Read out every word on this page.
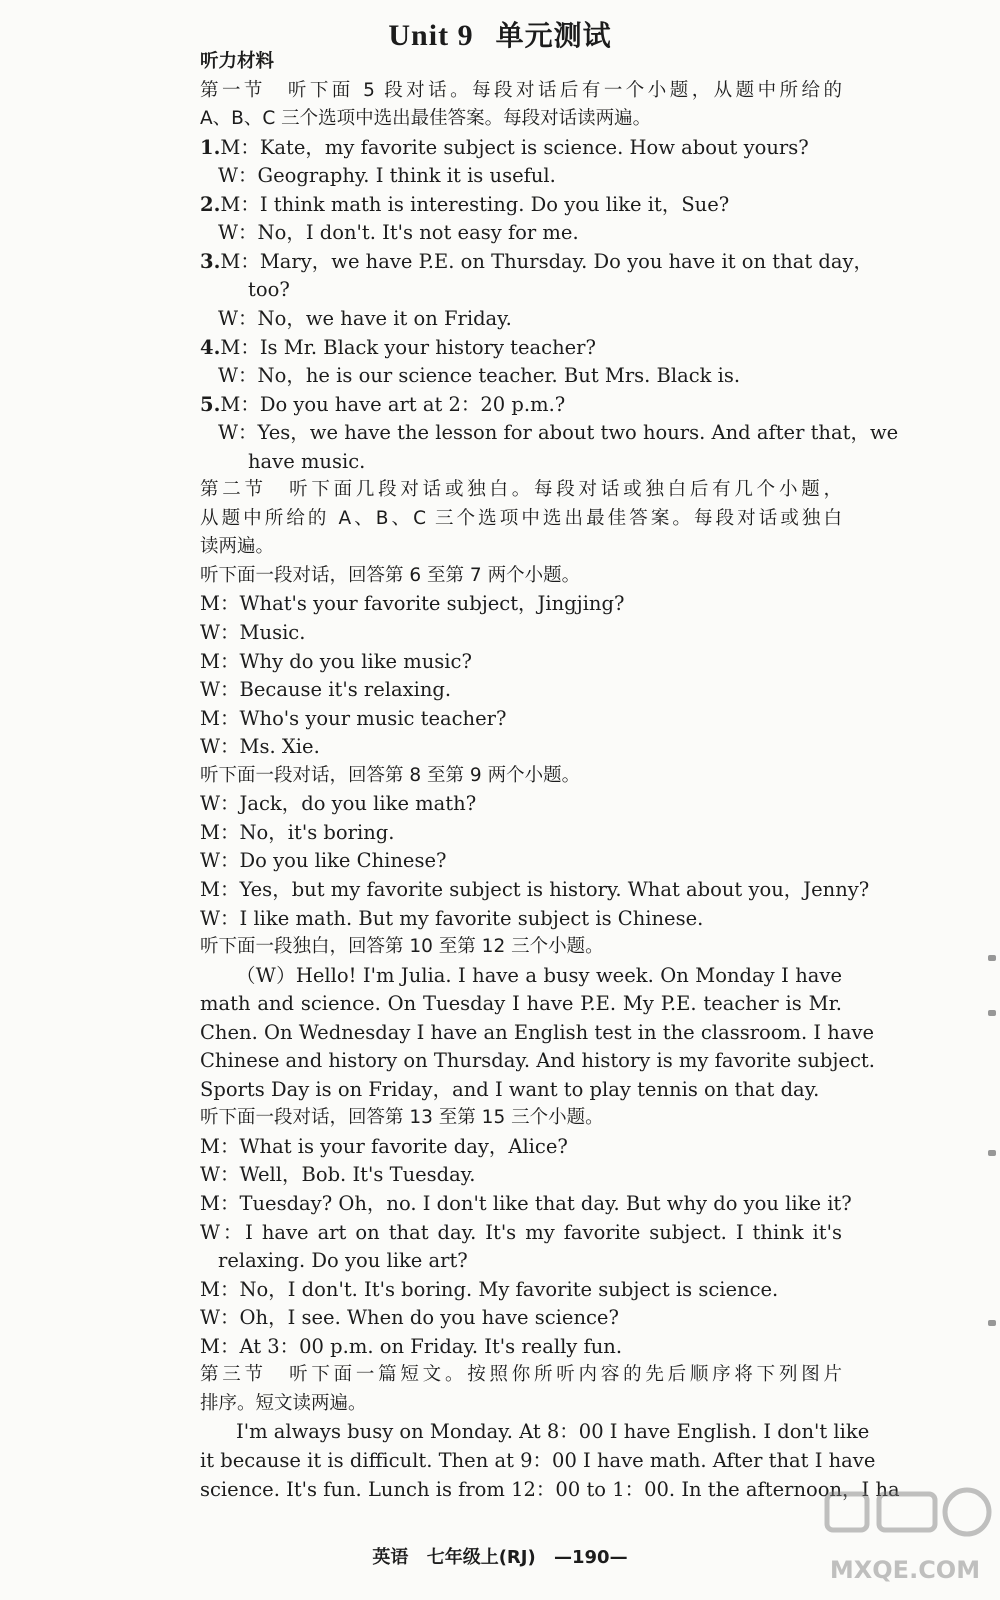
Unit 9 单元测试
听力材料
第一节　听下面 5 段对话。每段对话后有一个小题，从题中所给的
A、B、C 三个选项中选出最佳答案。每段对话读两遍。
1.M：Kate，my favorite subject is science. How about yours?
W：Geography. I think it is useful.
2.M：I think math is interesting. Do you like it，Sue?
W：No，I don't. It's not easy for me.
3.M：Mary，we have P.E. on Thursday. Do you have it on that day，
too?
W：No，we have it on Friday.
4.M：Is Mr. Black your history teacher?
W：No，he is our science teacher. But Mrs. Black is.
5.M：Do you have art at 2：20 p.m.?
W：Yes，we have the lesson for about two hours. And after that，we
have music.
第二节　听下面几段对话或独白。每段对话或独白后有几个小题，
从题中所给的 A、B、C 三个选项中选出最佳答案。每段对话或独白
读两遍。
听下面一段对话，回答第 6 至第 7 两个小题。
M：What's your favorite subject，Jingjing?
W：Music.
M：Why do you like music?
W：Because it's relaxing.
M：Who's your music teacher?
W：Ms. Xie.
听下面一段对话，回答第 8 至第 9 两个小题。
W：Jack，do you like math?
M：No，it's boring.
W：Do you like Chinese?
M：Yes，but my favorite subject is history. What about you，Jenny?
W：I like math. But my favorite subject is Chinese.
听下面一段独白，回答第 10 至第 12 三个小题。
（W）Hello! I'm Julia. I have a busy week. On Monday I have
math and science. On Tuesday I have P.E. My P.E. teacher is Mr.
Chen. On Wednesday I have an English test in the classroom. I have
Chinese and history on Thursday. And history is my favorite subject.
Sports Day is on Friday，and I want to play tennis on that day.
听下面一段对话，回答第 13 至第 15 三个小题。
M：What is your favorite day，Alice?
W：Well，Bob. It's Tuesday.
M：Tuesday? Oh，no. I don't like that day. But why do you like it?
W：I have art on that day. It's my favorite subject. I think it's
relaxing. Do you like art?
M：No，I don't. It's boring. My favorite subject is science.
W：Oh，I see. When do you have science?
M：At 3：00 p.m. on Friday. It's really fun.
第三节　听下面一篇短文。按照你所听内容的先后顺序将下列图片
排序。短文读两遍。
I'm always busy on Monday. At 8：00 I have English. I don't like
it because it is difficult. Then at 9：00 I have math. After that I have
science. It's fun. Lunch is from 12：00 to 1：00. In the afternoon，I ha
英语 七年级上(RJ) —190—	MXQE.COM
